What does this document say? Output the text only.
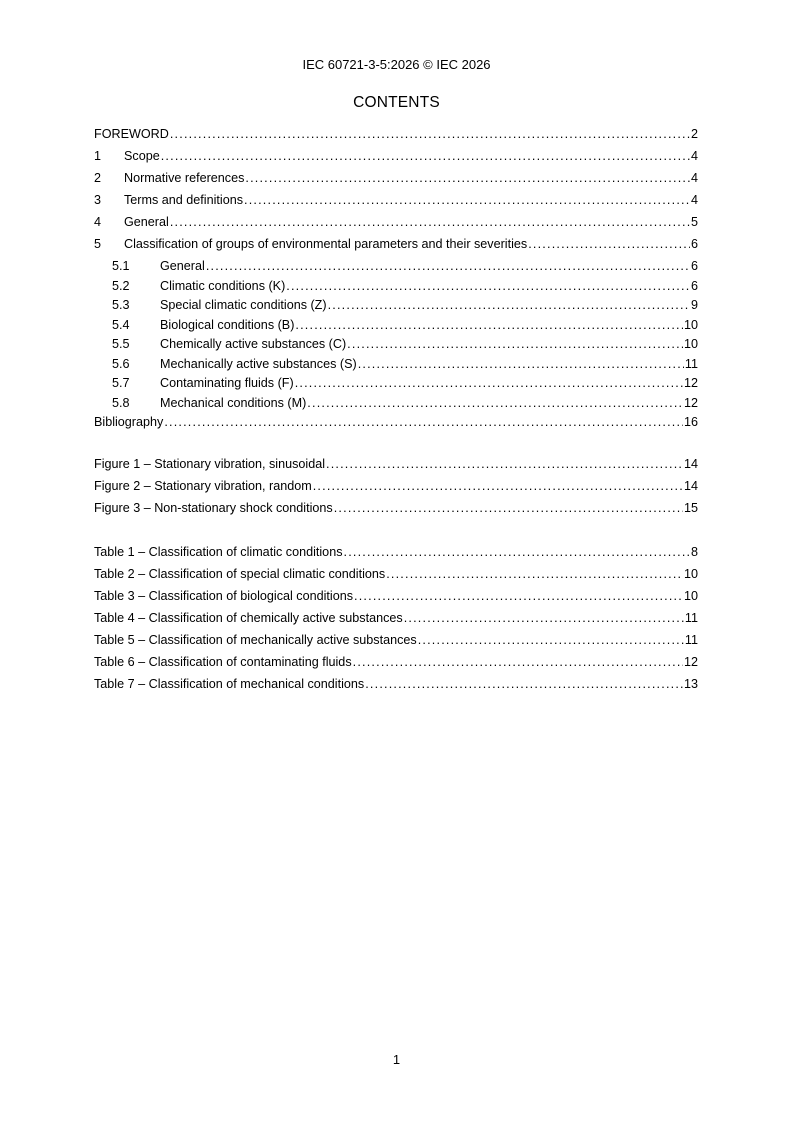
IEC 60721-3-5:2026 © IEC 2026
CONTENTS
FOREWORD .....	2
1	Scope .....	4
2	Normative references .....	4
3	Terms and definitions .....	4
4	General .....	5
5	Classification of groups of environmental parameters and their severities .....	6
5.1	General .....	6
5.2	Climatic conditions (K) .....	6
5.3	Special climatic conditions (Z) .....	9
5.4	Biological conditions (B) .....	10
5.5	Chemically active substances (C) .....	10
5.6	Mechanically active substances (S) .....	11
5.7	Contaminating fluids (F) .....	12
5.8	Mechanical conditions (M) .....	12
Bibliography .....	16
Figure 1 – Stationary vibration, sinusoidal .....	14
Figure 2 – Stationary vibration, random .....	14
Figure 3 – Non-stationary shock conditions .....	15
Table 1 – Classification of climatic conditions .....	8
Table 2 – Classification of special climatic conditions .....	10
Table 3 – Classification of biological conditions .....	10
Table 4 – Classification of chemically active substances .....	11
Table 5 – Classification of mechanically active substances .....	11
Table 6 – Classification of contaminating fluids .....	12
Table 7 – Classification of mechanical conditions .....	13
1
